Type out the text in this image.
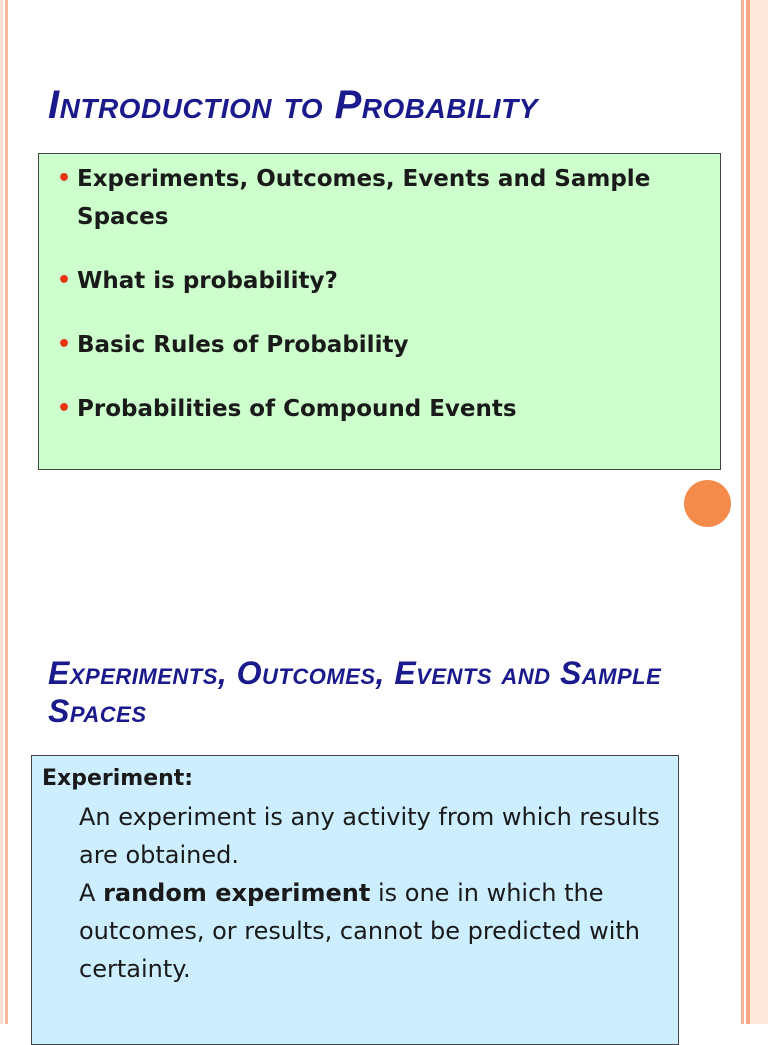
Introduction to Probability
• Experiments, Outcomes, Events and Sample Spaces
• What is probability?
• Basic Rules of Probability
• Probabilities of Compound Events
Experiments, Outcomes, Events and Sample Spaces

Experiment:

An experiment is any activity from which results are obtained.
A random experiment is one in which the outcomes, or results, cannot be predicted with certainty.
